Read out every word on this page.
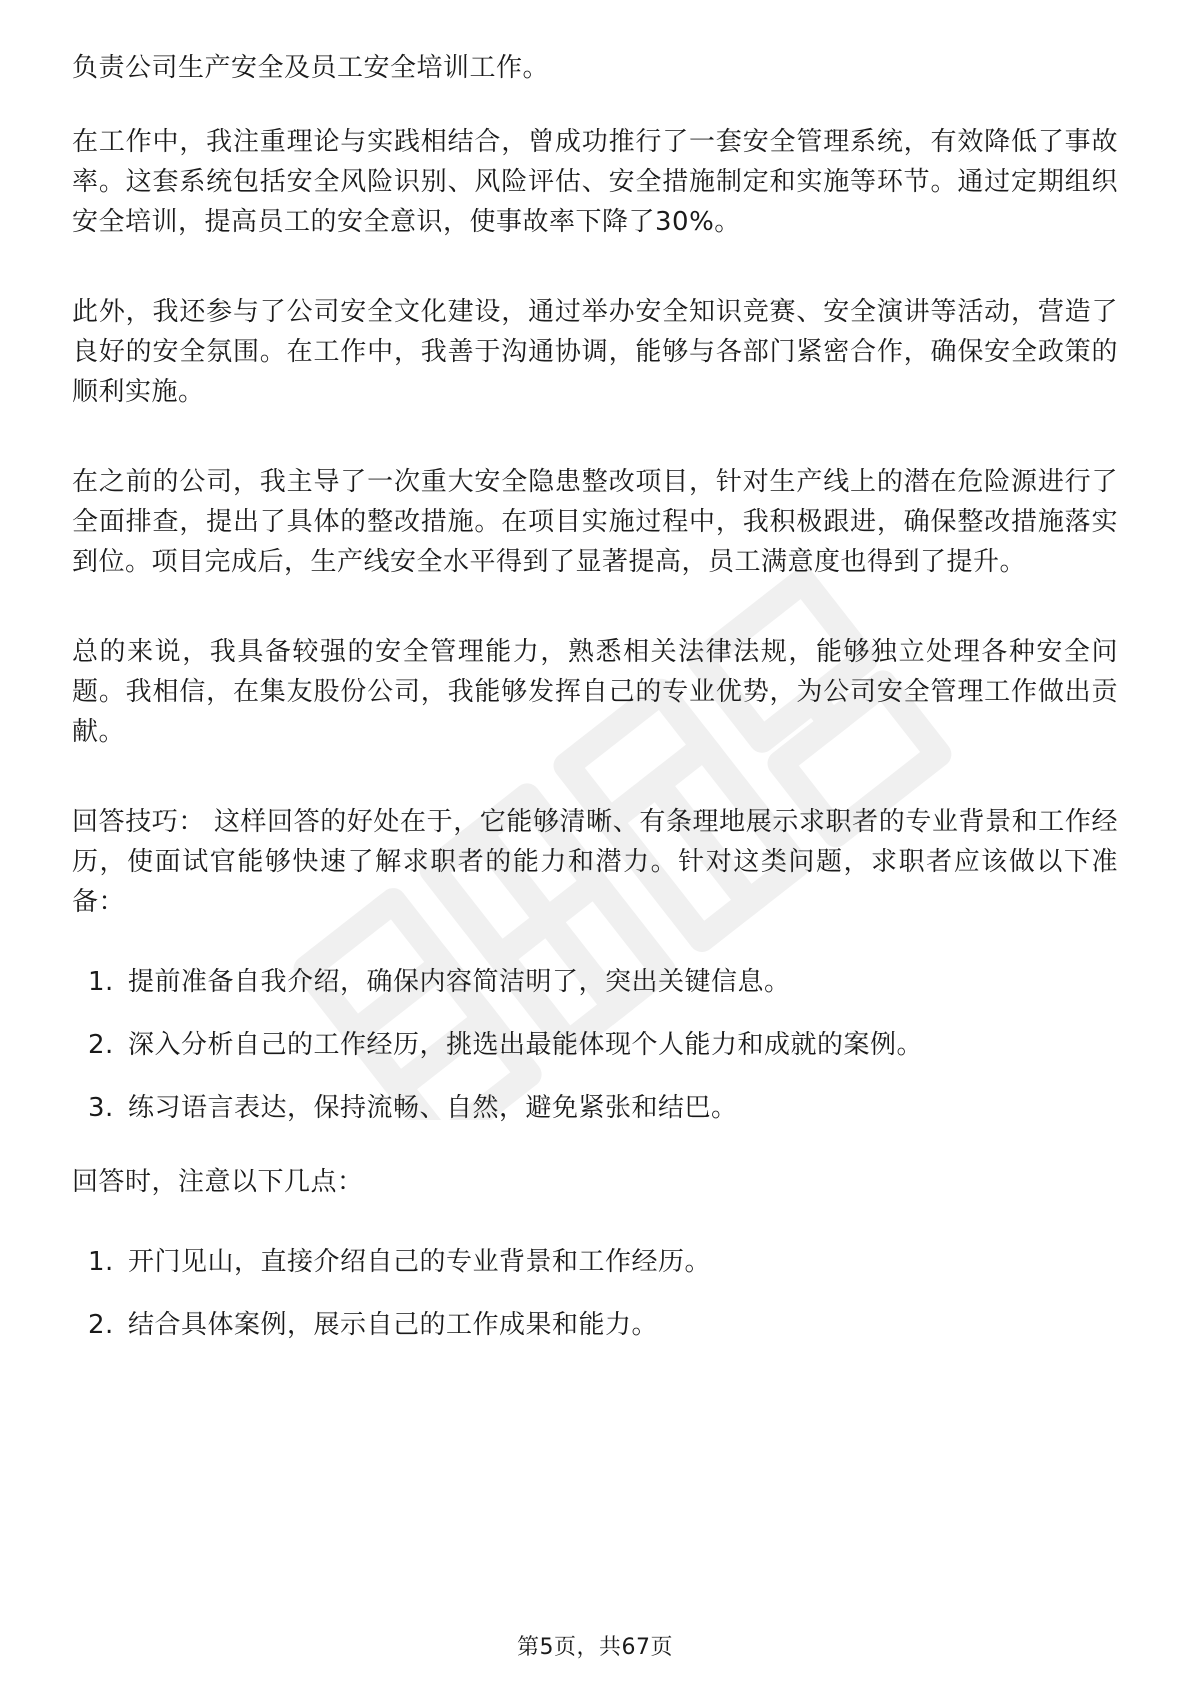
负责公司生产安全及员工安全培训工作。

在工作中，我注重理论与实践相结合，曾成功推行了一套安全管理系统，有效降低了事故率。这套系统包括安全风险识别、风险评估、安全措施制定和实施等环节。通过定期组织安全培训，提高员工的安全意识，使事故率下降了30%。

此外，我还参与了公司安全文化建设，通过举办安全知识竞赛、安全演讲等活动，营造了良好的安全氛围。在工作中，我善于沟通协调，能够与各部门紧密合作，确保安全政策的顺利实施。

在之前的公司，我主导了一次重大安全隐患整改项目，针对生产线上的潜在危险源进行了全面排查，提出了具体的整改措施。在项目实施过程中，我积极跟进，确保整改措施落实到位。项目完成后，生产线安全水平得到了显著提高，员工满意度也得到了提升。

总的来说，我具备较强的安全管理能力，熟悉相关法律法规，能够独立处理各种安全问题。我相信，在集友股份公司，我能够发挥自己的专业优势，为公司安全管理工作做出贡献。

回答技巧： 这样回答的好处在于，它能够清晰、有条理地展示求职者的专业背景和工作经历，使面试官能够快速了解求职者的能力和潜力。针对这类问题，求职者应该做以下准备：

1. 提前准备自我介绍，确保内容简洁明了，突出关键信息。
2. 深入分析自己的工作经历，挑选出最能体现个人能力和成就的案例。
3. 练习语言表达，保持流畅、自然，避免紧张和结巴。

回答时，注意以下几点：

1. 开门见山，直接介绍自己的专业背景和工作经历。
2. 结合具体案例，展示自己的工作成果和能力。
第5页，共67页
